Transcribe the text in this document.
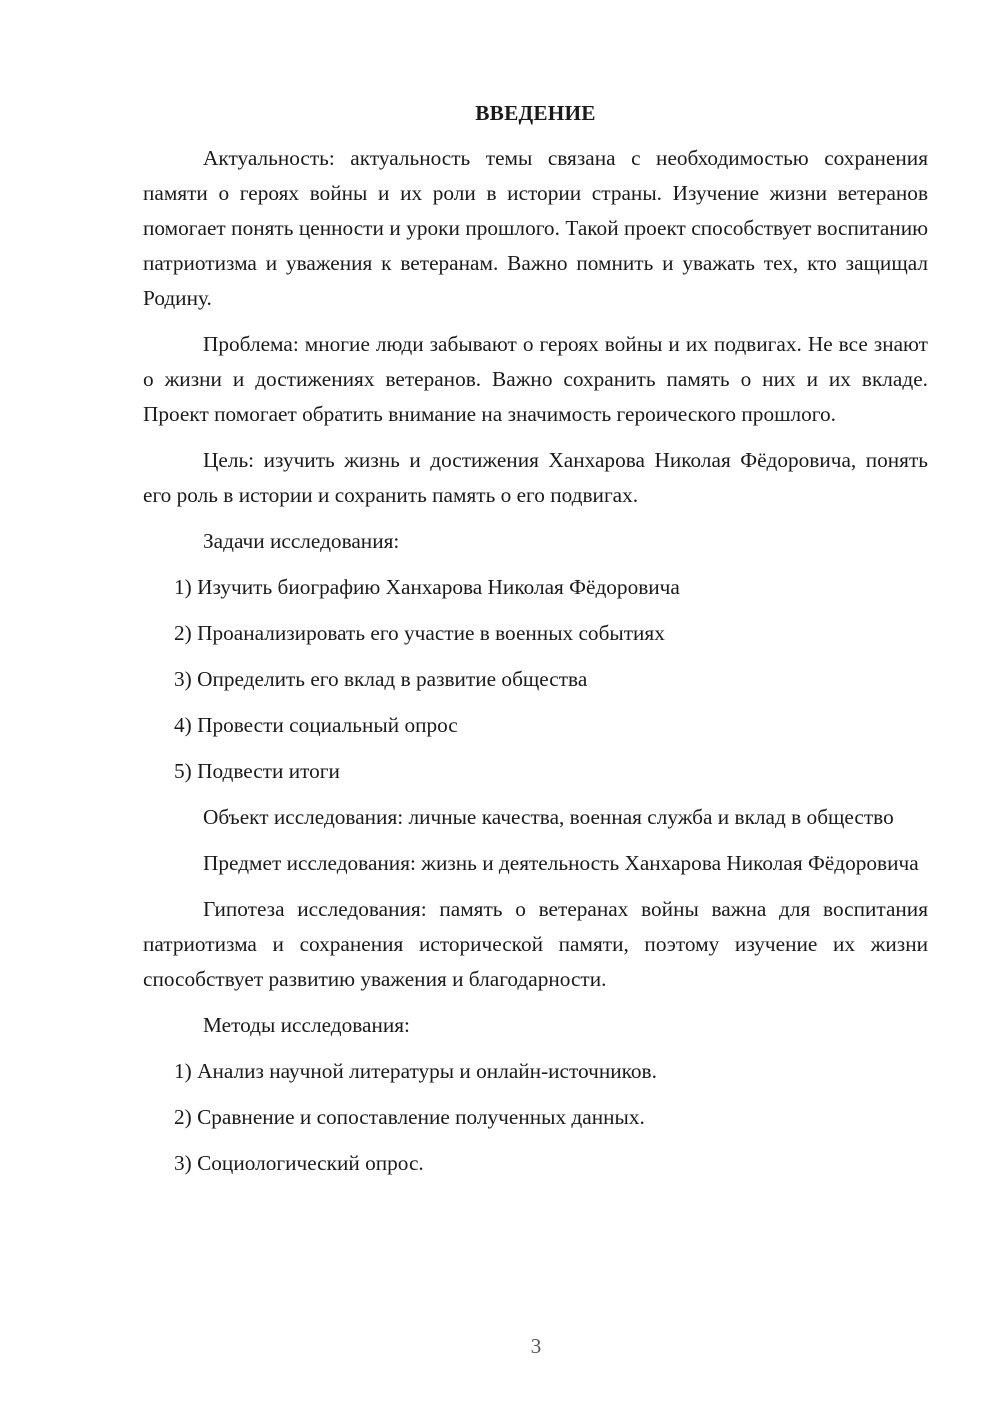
ВВЕДЕНИЕ

Актуальность: актуальность темы связана с необходимостью сохранения памяти о героях войны и их роли в истории страны. Изучение жизни ветеранов помогает понять ценности и уроки прошлого. Такой проект способствует воспитанию патриотизма и уважения к ветеранам. Важно помнить и уважать тех, кто защищал Родину.

Проблема: многие люди забывают о героях войны и их подвигах. Не все знают о жизни и достижениях ветеранов. Важно сохранить память о них и их вкладе. Проект помогает обратить внимание на значимость героического прошлого.

Цель: изучить жизнь и достижения Ханхарова Николая Фёдоровича, понять его роль в истории и сохранить память о его подвигах.

Задачи исследования:

1) Изучить биографию Ханхарова Николая Фёдоровича
2) Проанализировать его участие в военных событиях
3) Определить его вклад в развитие общества
4) Провести социальный опрос
5) Подвести итоги

Объект исследования: личные качества, военная служба и вклад в общество

Предмет исследования: жизнь и деятельность Ханхарова Николая Фёдоровича

Гипотеза исследования: память о ветеранах войны важна для воспитания патриотизма и сохранения исторической памяти, поэтому изучение их жизни способствует развитию уважения и благодарности.

Методы исследования:

1) Анализ научной литературы и онлайн-источников.
2) Сравнение и сопоставление полученных данных.
3) Социологический опрос.
3
